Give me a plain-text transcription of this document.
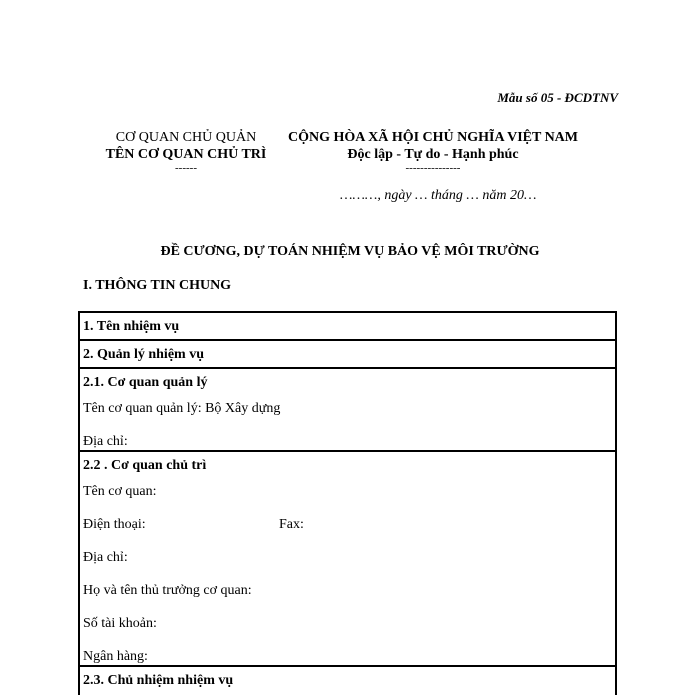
Mẫu số 05 - ĐCDTNV
CƠ QUAN CHỦ QUẢN
TÊN CƠ QUAN CHỦ TRÌ
------
CỘNG HÒA XÃ HỘI CHỦ NGHĨA VIỆT NAM
Độc lập - Tự do - Hạnh phúc
---------------
………, ngày … tháng … năm 20…
ĐỀ CƯƠNG, DỰ TOÁN NHIỆM VỤ BẢO VỆ MÔI TRƯỜNG
I. THÔNG TIN CHUNG
1. Tên nhiệm vụ
2. Quản lý nhiệm vụ
2.1. Cơ quan quản lý
Tên cơ quan quản lý: Bộ Xây dựng
Địa chỉ:
2.2 . Cơ quan chủ trì
Tên cơ quan:
Điện thoại:	Fax:
Địa chỉ:
Họ và tên thủ trưởng cơ quan:
Số tài khoản:
Ngân hàng:
2.3. Chủ nhiệm nhiệm vụ
